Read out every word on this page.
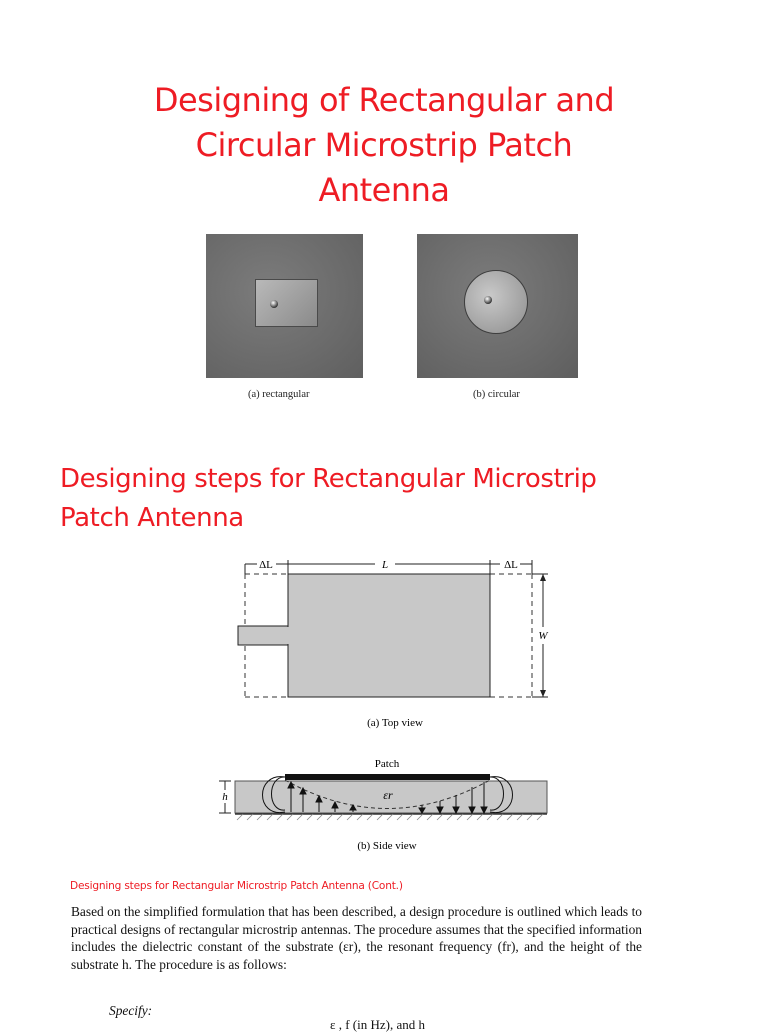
Designing of Rectangular and
Circular Microstrip Patch
Antenna
(a) rectangular	(b) circular
Designing steps for Rectangular Microstrip
Patch Antenna
ΔL	L	ΔL
W
(a) Top view
Patch
εr
h
(b) Side view
Designing steps for Rectangular Microstrip Patch Antenna (Cont.)
Based on the simplified formulation that has been described, a design procedure is outlined which leads to practical designs of rectangular microstrip antennas. The procedure assumes that the specified information includes the dielectric constant of the substrate (εr), the resonant frequency (fr), and the height of the substrate h. The procedure is as follows:
Specify:
ε , f (in Hz), and h
